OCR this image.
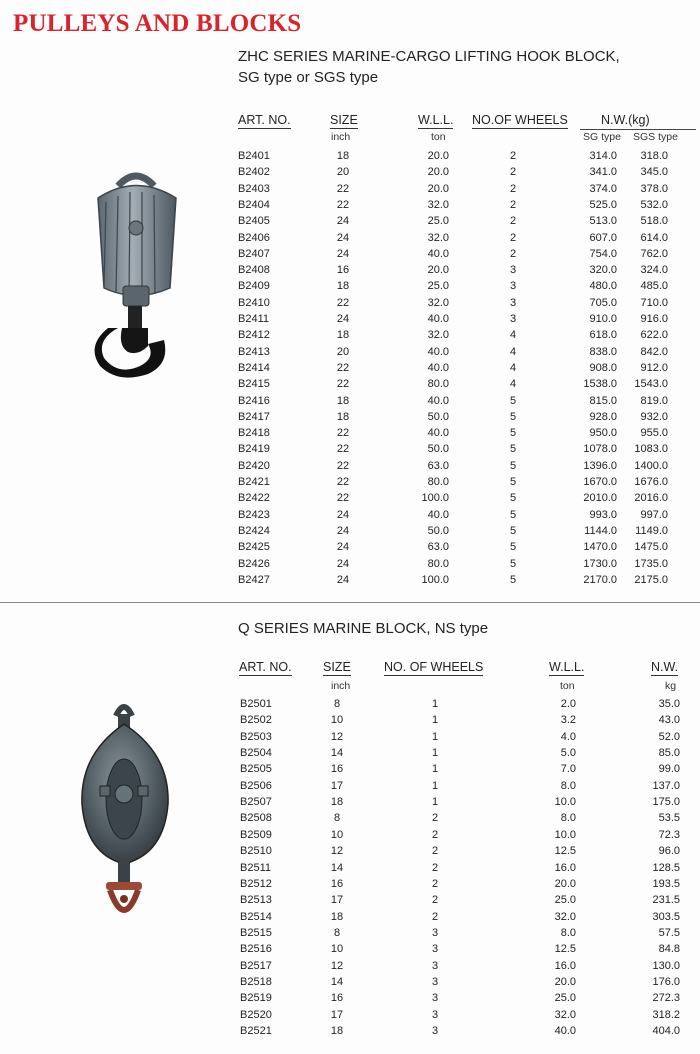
PULLEYS AND BLOCKS
ZHC SERIES MARINE-CARGO LIFTING HOOK BLOCK,
SG type or SGS type
ART. NO.	SIZE	W.L.L. NO.OF WHEELS	N.W.(kg)
inch	ton	SG type SGS type
B2401	18	20.0	2	314.0 318.0
B2402	20	20.0	2	341.0 345.0
B2403	22	20.0	2	374.0 378.0
B2404	22	32.0	2	525.0 532.0
B2405	24	25.0	2	513.0 518.0
B2406	24	32.0	2	607.0 614.0
B2407	24	40.0	2	754.0 762.0
B2408	16	20.0	3	320.0 324.0
B2409	18	25.0	3	480.0 485.0
B2410	22	32.0	3	705.0 710.0
B2411	24	40.0	3	910.0 916.0
B2412	18	32.0	4	618.0 622.0
B2413	20	40.0	4	838.0 842.0
B2414	22	40.0	4	908.0 912.0
B2415	22	80.0	4	1538.0 1543.0
B2416	18	40.0	5	815.0 819.0
B2417	18	50.0	5	928.0 932.0
B2418	22	40.0	5	950.0 955.0
B2419	22	50.0	5	1078.0 1083.0
B2420	22	63.0	5	1396.0 1400.0
B2421	22	80.0	5	1670.0 1676.0
B2422	22	100.0	5	2010.0 2016.0
B2423	24	40.0	5	993.0 997.0
B2424	24	50.0	5	1144.0 1149.0
B2425	24	63.0	5	1470.0 1475.0
B2426	24	80.0	5	1730.0 1735.0
B2427	24	100.0	5	2170.0 2175.0
Q SERIES MARINE BLOCK, NS type
ART. NO.	SIZE	NO. OF WHEELS	W.L.L.	N.W.
inch	ton	kg
B2501	8	1	2.0	35.0
B2502	10	1	3.2	43.0
B2503	12	1	4.0	52.0
B2504	14	1	5.0	85.0
B2505	16	1	7.0	99.0
B2506	17	1	8.0	137.0
B2507	18	1	10.0	175.0
B2508	8	2	8.0	53.5
B2509	10	2	10.0	72.3
B2510	12	2	12.5	96.0
B2511	14	2	16.0	128.5
B2512	16	2	20.0	193.5
B2513	17	2	25.0	231.5
B2514	18	2	32.0	303.5
B2515	8	3	8.0	57.5
B2516	10	3	12.5	84.8
B2517	12	3	16.0	130.0
B2518	14	3	20.0	176.0
B2519	16	3	25.0	272.3
B2520	17	3	32.0	318.2
B2521	18	3	40.0	404.0
